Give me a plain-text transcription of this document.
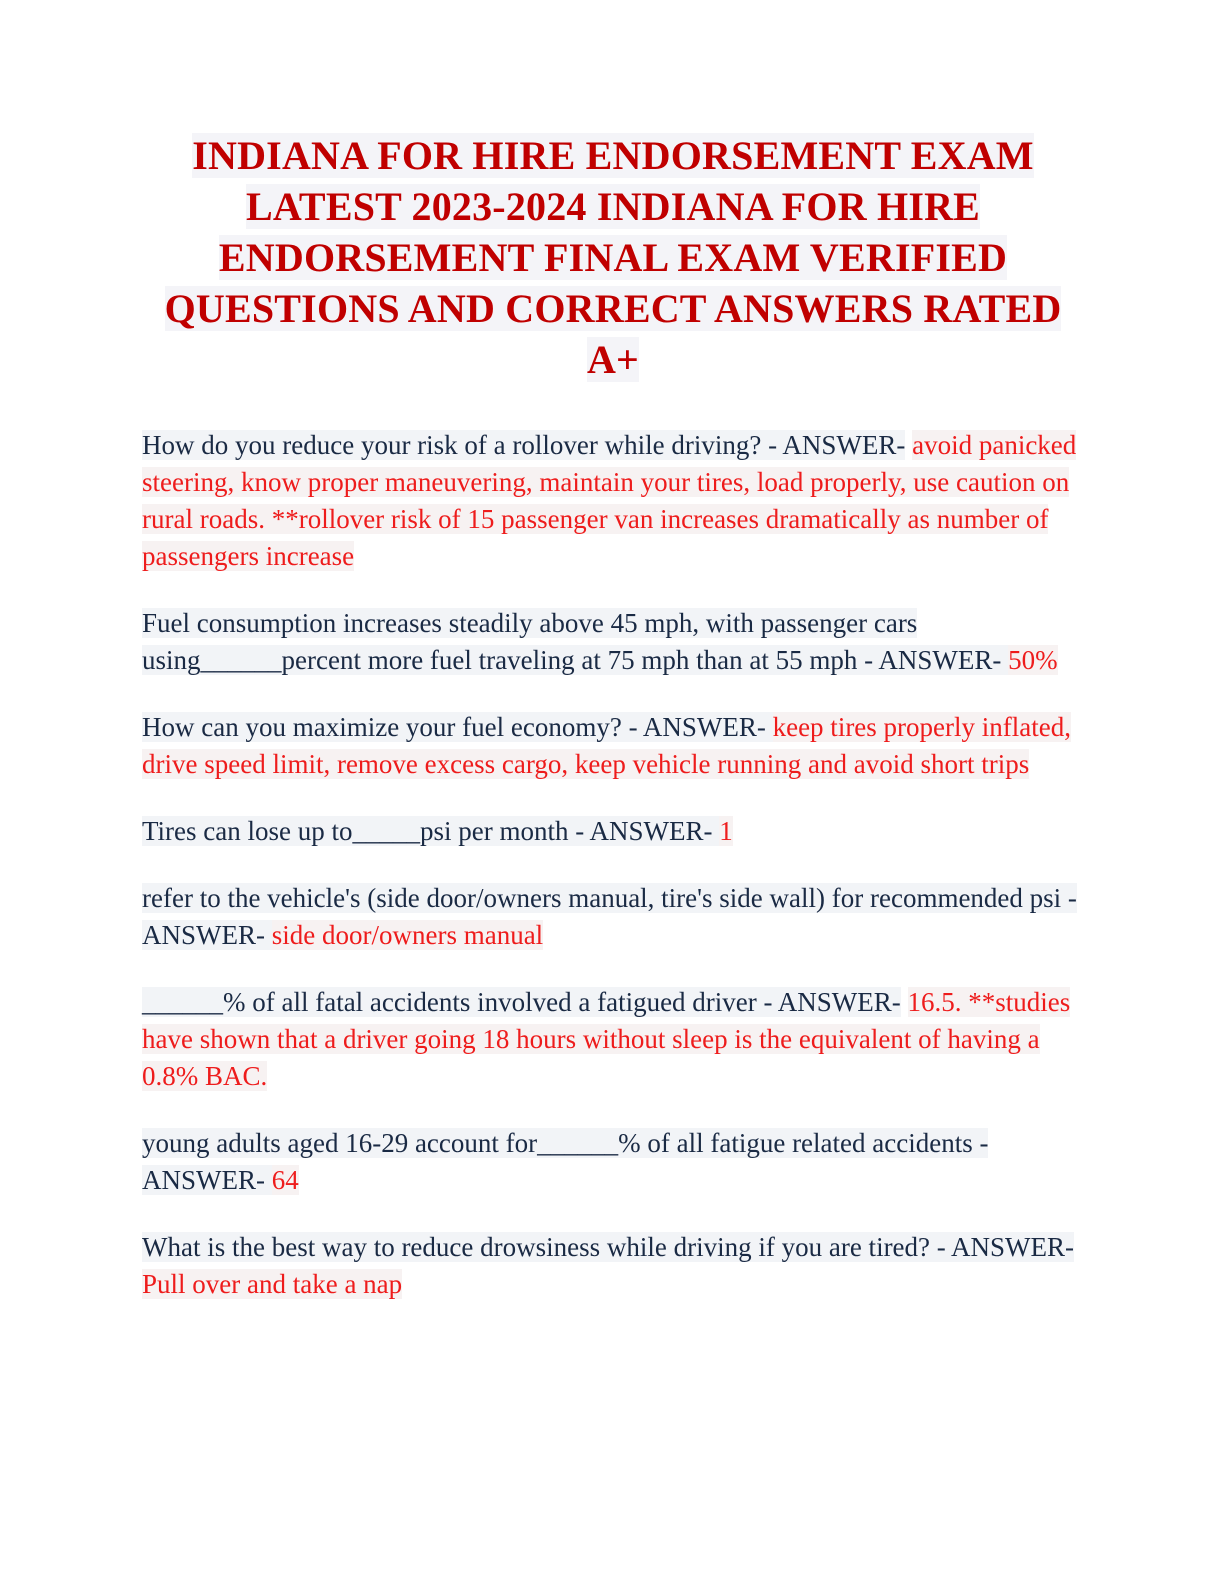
INDIANA FOR HIRE ENDORSEMENT EXAM LATEST 2023-2024 INDIANA FOR HIRE ENDORSEMENT FINAL EXAM VERIFIED QUESTIONS AND CORRECT ANSWERS RATED A+

How do you reduce your risk of a rollover while driving? - ANSWER- avoid panicked steering, know proper maneuvering, maintain your tires, load properly, use caution on rural roads. **rollover risk of 15 passenger van increases dramatically as number of passengers increase

Fuel consumption increases steadily above 45 mph, with passenger cars using______percent more fuel traveling at 75 mph than at 55 mph - ANSWER- 50%

How can you maximize your fuel economy? - ANSWER- keep tires properly inflated, drive speed limit, remove excess cargo, keep vehicle running and avoid short trips

Tires can lose up to_____psi per month - ANSWER- 1

refer to the vehicle's (side door/owners manual, tire's side wall) for recommended psi - ANSWER- side door/owners manual

______% of all fatal accidents involved a fatigued driver - ANSWER- 16.5. **studies have shown that a driver going 18 hours without sleep is the equivalent of having a 0.8% BAC.

young adults aged 16-29 account for______% of all fatigue related accidents - ANSWER- 64

What is the best way to reduce drowsiness while driving if you are tired? - ANSWER- Pull over and take a nap
